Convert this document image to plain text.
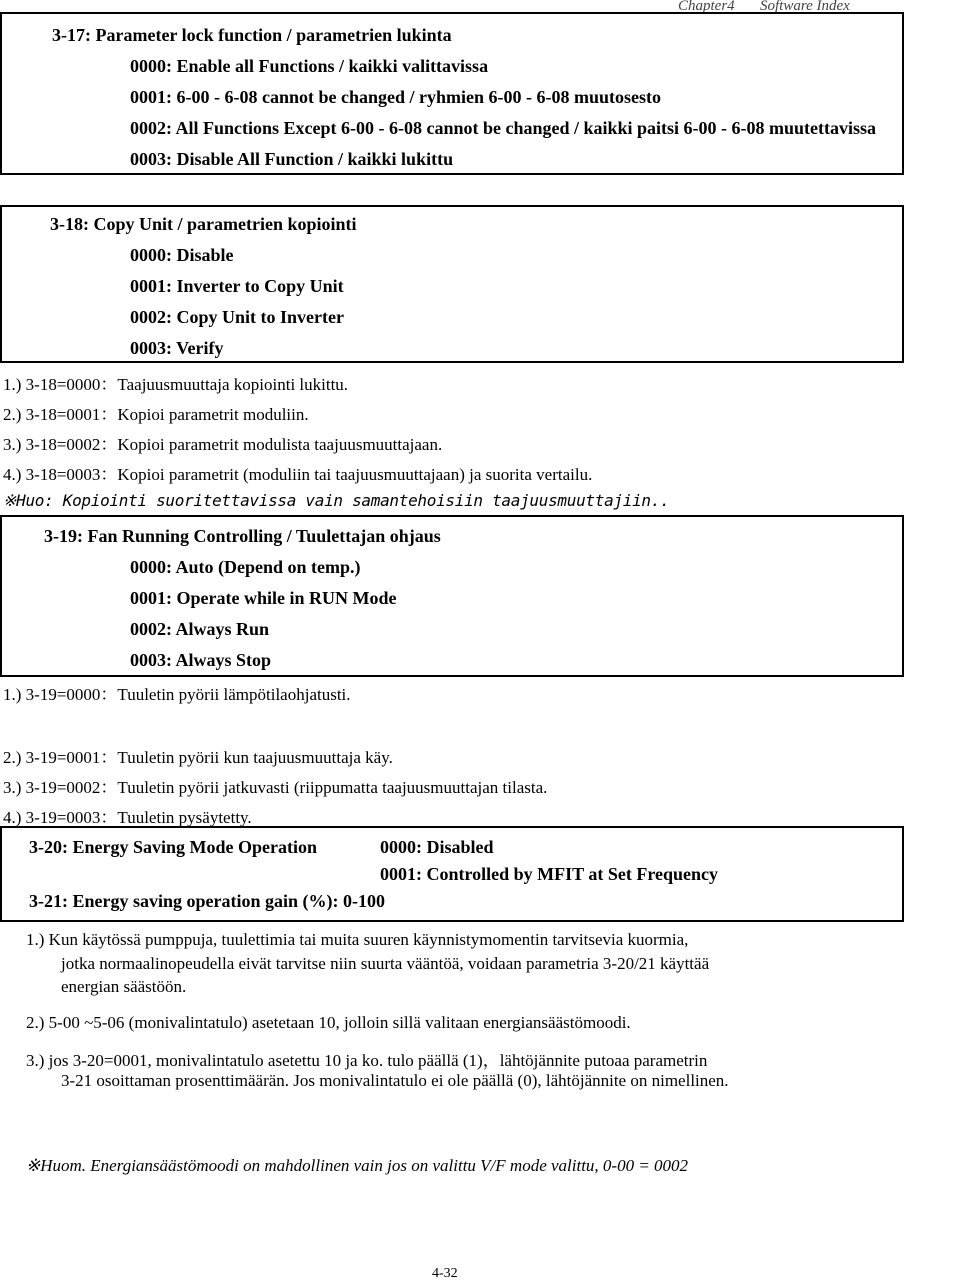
Chapter4 Software Index
3-17: Parameter lock function / parametrien lukinta
0000: Enable all Functions / kaikki valittavissa
0001: 6-00 - 6-08 cannot be changed / ryhmien 6-00 - 6-08 muutosesto
0002: All Functions Except 6-00 - 6-08 cannot be changed / kaikki paitsi 6-00 - 6-08 muutettavissa
0003: Disable All Function / kaikki lukittu
3-18: Copy Unit / parametrien kopiointi
0000: Disable
0001: Inverter to Copy Unit
0002: Copy Unit to Inverter
0003: Verify
1.) 3-18=0000：Taajuusmuuttaja kopiointi lukittu.
2.) 3-18=0001：Kopioi parametrit moduliin.
3.) 3-18=0002：Kopioi parametrit modulista taajuusmuuttajaan.
4.) 3-18=0003：Kopioi parametrit (moduliin tai taajuusmuuttajaan) ja suorita vertailu.
※Huo: Kopiointi suoritettavissa vain samantehoisiin taajuusmuuttajiin..
3-19: Fan Running Controlling / Tuulettajan ohjaus
0000: Auto (Depend on temp.)
0001: Operate while in RUN Mode
0002: Always Run
0003: Always Stop
1.) 3-19=0000：Tuuletin pyörii lämpötilaohjatusti.
2.) 3-19=0001：Tuuletin pyörii kun taajuusmuuttaja käy.
3.) 3-19=0002：Tuuletin pyörii jatkuvasti (riippumatta taajuusmuuttajan tilasta.
4.) 3-19=0003：Tuuletin pysäytetty.
3-20: Energy Saving Mode Operation	0000: Disabled
0001: Controlled by MFIT at Set Frequency
3-21: Energy saving operation gain (%): 0-100
1.) Kun käytössä pumppuja, tuulettimia tai muita suuren käynnistymomentin tarvitsevia kuormia,
jotka normaalinopeudella eivät tarvitse niin suurta vääntöä, voidaan parametria 3-20/21 käyttää
energian säästöön.
2.) 5-00 ~5-06 (monivalintatulo) asetetaan 10, jolloin sillä valitaan energiansäästömoodi.
3.) jos 3-20=0001, monivalintatulo asetettu 10 ja ko. tulo päällä (1)，lähtöjännite putoaa parametrin
3-21 osoittaman prosenttimäärän. Jos monivalintatulo ei ole päällä (0), lähtöjännite on nimellinen.
※Huom. Energiansäästömoodi on mahdollinen vain jos on valittu V/F mode valittu, 0-00 = 0002
4-32
